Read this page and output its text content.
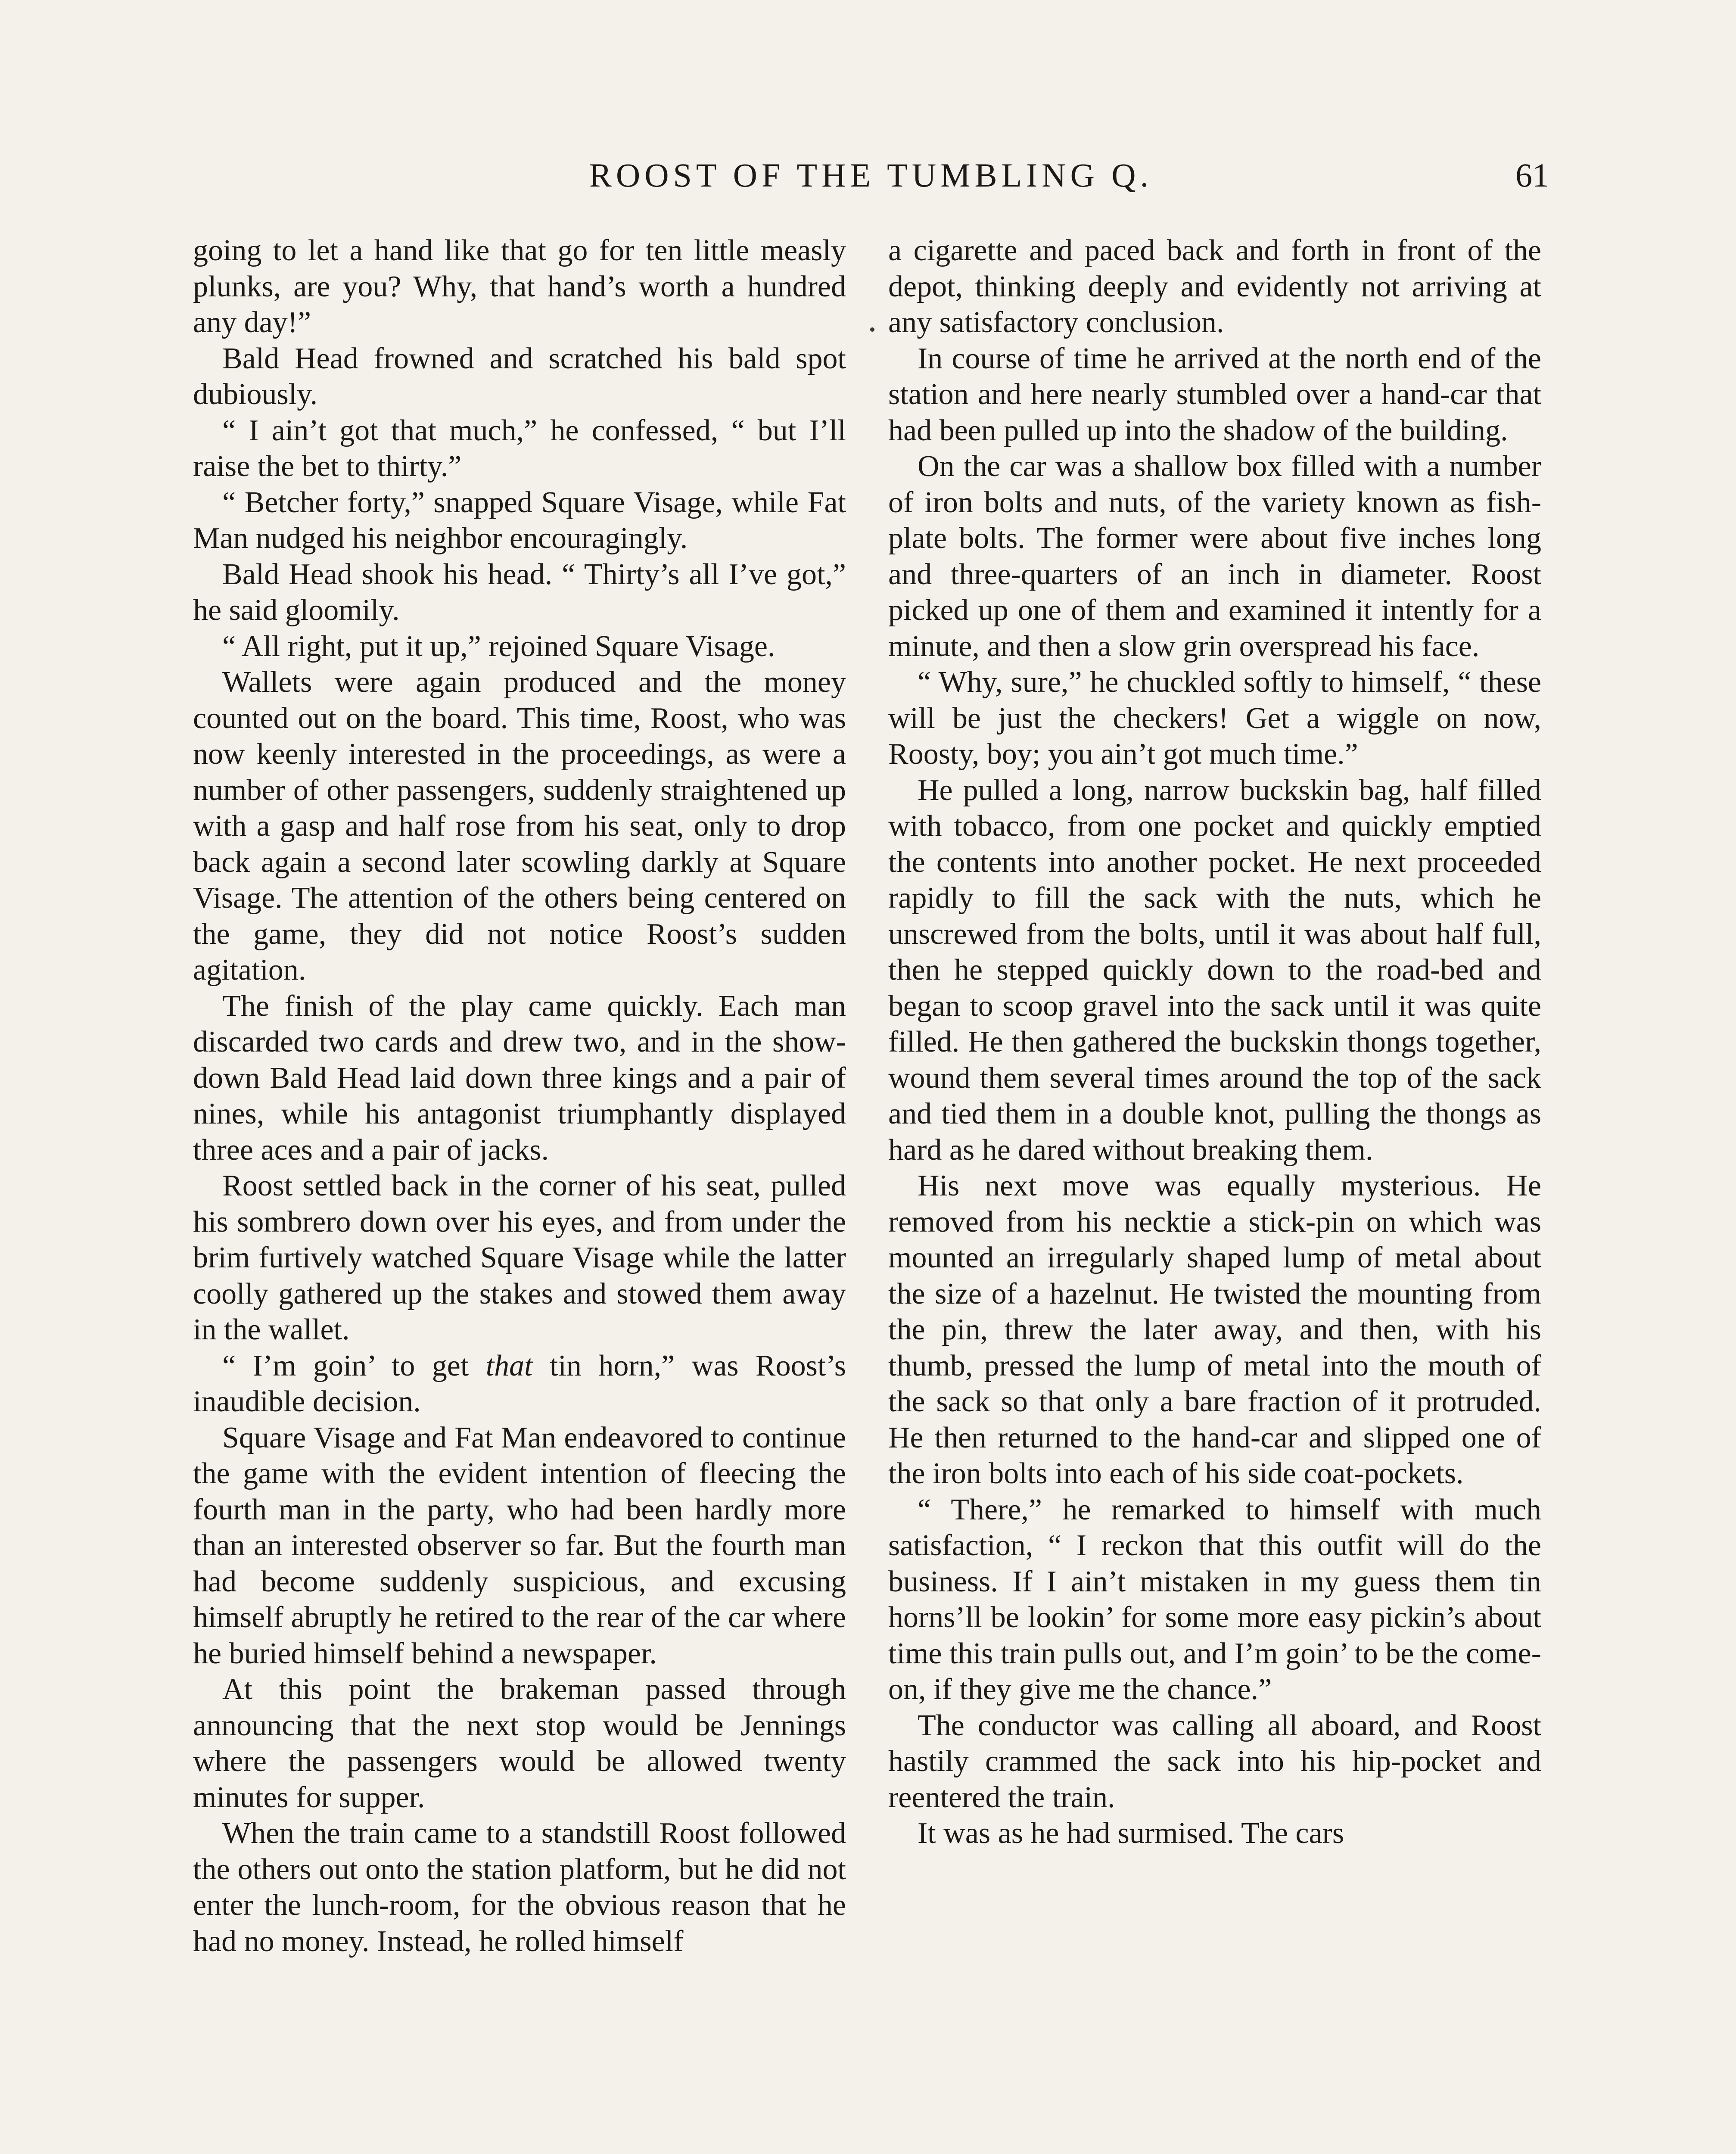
ROOST OF THE TUMBLING Q.	61

going to let a hand like that go for ten little measly plunks, are you? Why, that hand’s worth a hundred any day!”

Bald Head frowned and scratched his bald spot dubiously.

“ I ain’t got that much,” he confessed, “ but I’ll raise the bet to thirty.”

“ Betcher forty,” snapped Square Visage, while Fat Man nudged his neighbor encouragingly.

Bald Head shook his head. “ Thirty’s all I’ve got,” he said gloomily.

“ All right, put it up,” rejoined Square Visage.

Wallets were again produced and the money counted out on the board. This time, Roost, who was now keenly interested in the proceedings, as were a number of other passengers, suddenly straightened up with a gasp and half rose from his seat, only to drop back again a second later scowling darkly at Square Visage. The attention of the others being centered on the game, they did not notice Roost’s sudden agitation.

The finish of the play came quickly. Each man discarded two cards and drew two, and in the show-down Bald Head laid down three kings and a pair of nines, while his antagonist triumphantly displayed three aces and a pair of jacks.

Roost settled back in the corner of his seat, pulled his sombrero down over his eyes, and from under the brim furtively watched Square Visage while the latter coolly gathered up the stakes and stowed them away in the wallet.

“ I’m goin’ to get that tin horn,” was Roost’s inaudible decision.

Square Visage and Fat Man endeavored to continue the game with the evident intention of fleecing the fourth man in the party, who had been hardly more than an interested observer so far. But the fourth man had become suddenly suspicious, and excusing himself abruptly he retired to the rear of the car where he buried himself behind a newspaper.

At this point the brakeman passed through announcing that the next stop would be Jennings where the passengers would be allowed twenty minutes for supper.

When the train came to a standstill Roost followed the others out onto the station platform, but he did not enter the lunch-room, for the obvious reason that he had no money. Instead, he rolled himself

a cigarette and paced back and forth in front of the depot, thinking deeply and evidently not arriving at any satisfactory conclusion.

In course of time he arrived at the north end of the station and here nearly stumbled over a hand-car that had been pulled up into the shadow of the building.

On the car was a shallow box filled with a number of iron bolts and nuts, of the variety known as fish-plate bolts. The former were about five inches long and three-quarters of an inch in diameter. Roost picked up one of them and examined it intently for a minute, and then a slow grin overspread his face.

“ Why, sure,” he chuckled softly to himself, “ these will be just the checkers! Get a wiggle on now, Roosty, boy; you ain’t got much time.”

He pulled a long, narrow buckskin bag, half filled with tobacco, from one pocket and quickly emptied the contents into another pocket. He next proceeded rapidly to fill the sack with the nuts, which he unscrewed from the bolts, until it was about half full, then he stepped quickly down to the road-bed and began to scoop gravel into the sack until it was quite filled. He then gathered the buckskin thongs together, wound them several times around the top of the sack and tied them in a double knot, pulling the thongs as hard as he dared without breaking them.

His next move was equally mysterious. He removed from his necktie a stick-pin on which was mounted an irregularly shaped lump of metal about the size of a hazelnut. He twisted the mounting from the pin, threw the later away, and then, with his thumb, pressed the lump of metal into the mouth of the sack so that only a bare fraction of it protruded. He then returned to the hand-car and slipped one of the iron bolts into each of his side coat-pockets.

“ There,” he remarked to himself with much satisfaction, “ I reckon that this outfit will do the business. If I ain’t mistaken in my guess them tin horns’ll be lookin’ for some more easy pickin’s about time this train pulls out, and I’m goin’ to be the come-on, if they give me the chance.”

The conductor was calling all aboard, and Roost hastily crammed the sack into his hip-pocket and reentered the train.

It was as he had surmised. The cars
